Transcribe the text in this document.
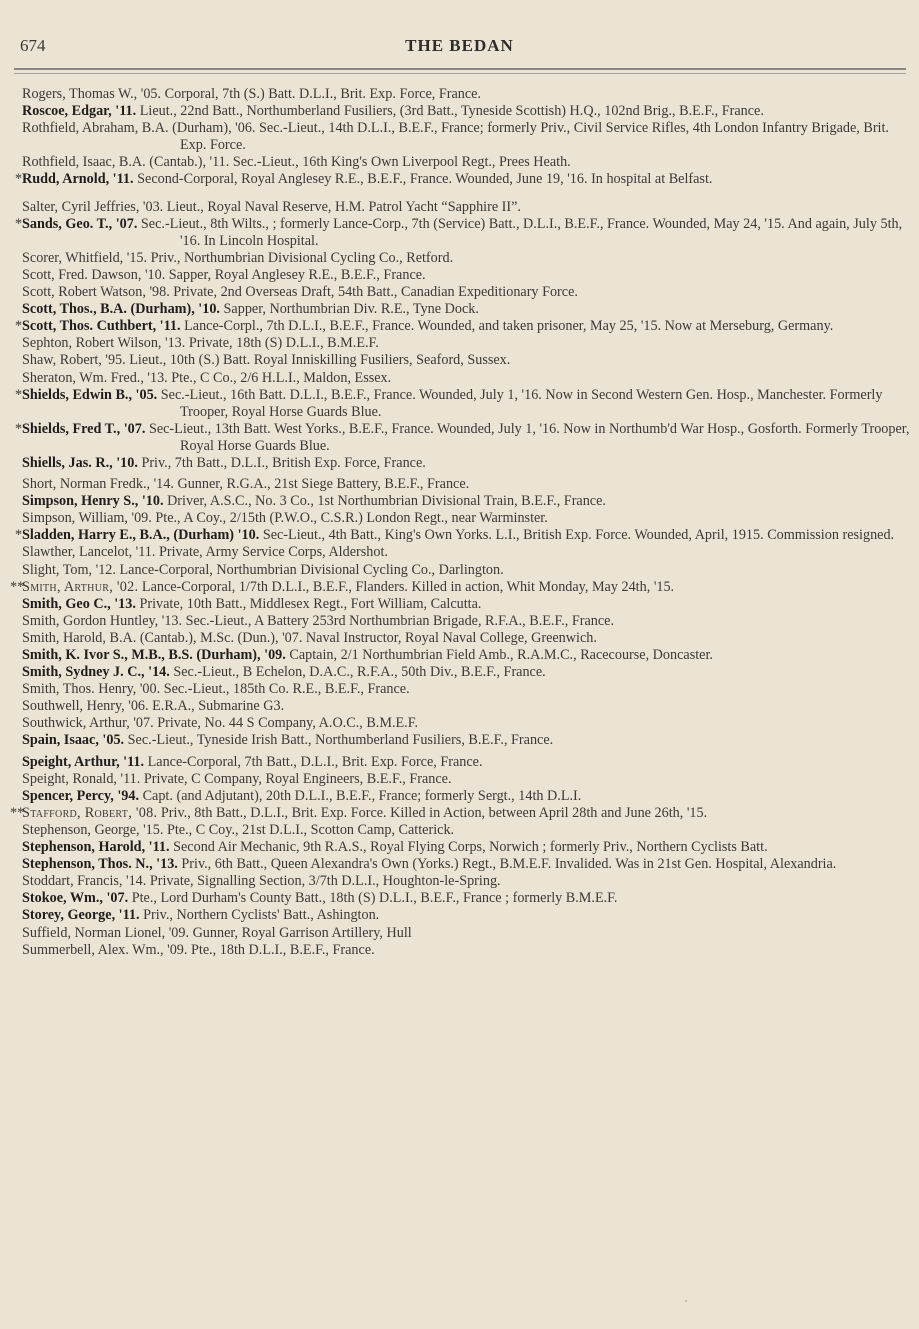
674	THE BEDAN

Rogers, Thomas W., '05. Corporal, 7th (S.) Batt. D.L.I., Brit. Exp. Force, France.

Roscoe, Edgar, '11. Lieut., 22nd Batt., Northumberland Fusiliers, (3rd Batt., Tyneside Scottish) H.Q., 102nd Brig., B.E.F., France.

Rothfield, Abraham, B.A. (Durham), '06. Sec.-Lieut., 14th D.L.I., B.E.F., France; formerly Priv., Civil Service Rifles, 4th London Infantry Brigade, Brit. Exp. Force.

Rothfield, Isaac, B.A. (Cantab.), '11. Sec.-Lieut., 16th King's Own Liverpool Regt., Prees Heath.

*Rudd, Arnold, '11. Second-Corporal, Royal Anglesey R.E., B.E.F., France. Wounded, June 19, '16. In hospital at Belfast.

Salter, Cyril Jeffries, '03. Lieut., Royal Naval Reserve, H.M. Patrol Yacht “Sapphire II”.

*Sands, Geo. T., '07. Sec.-Lieut., 8th Wilts., ; formerly Lance-Corp., 7th (Service) Batt., D.L.I., B.E.F., France. Wounded, May 24, '15. And again, July 5th, '16. In Lincoln Hospital.

Scorer, Whitfield, '15. Priv., Northumbrian Divisional Cycling Co., Retford.

Scott, Fred. Dawson, '10. Sapper, Royal Anglesey R.E., B.E.F., France.

Scott, Robert Watson, '98. Private, 2nd Overseas Draft, 54th Batt., Canadian Expeditionary Force.

Scott, Thos., B.A. (Durham), '10. Sapper, Northumbrian Div. R.E., Tyne Dock.

*Scott, Thos. Cuthbert, '11. Lance-Corpl., 7th D.L.I., B.E.F., France. Wounded, and taken prisoner, May 25, '15. Now at Merseburg, Germany.

Sephton, Robert Wilson, '13. Private, 18th (S) D.L.I., B.M.E.F.

Shaw, Robert, '95. Lieut., 10th (S.) Batt. Royal Inniskilling Fusiliers, Seaford, Sussex.

Sheraton, Wm. Fred., '13. Pte., C Co., 2/6 H.L.I., Maldon, Essex.

*Shields, Edwin B., '05. Sec.-Lieut., 16th Batt. D.L.I., B.E.F., France. Wounded, July 1, '16. Now in Second Western Gen. Hosp., Manchester. Formerly Trooper, Royal Horse Guards Blue.

*Shields, Fred T., '07. Sec-Lieut., 13th Batt. West Yorks., B.E.F., France. Wounded, July 1, '16. Now in Northumb'd War Hosp., Gosforth. Formerly Trooper, Royal Horse Guards Blue.

Shiells, Jas. R., '10. Priv., 7th Batt., D.L.I., British Exp. Force, France.

Short, Norman Fredk., '14. Gunner, R.G.A., 21st Siege Battery, B.E.F., France.

Simpson, Henry S., '10. Driver, A.S.C., No. 3 Co., 1st Northumbrian Divisional Train, B.E.F., France.

Simpson, William, '09. Pte., A Coy., 2/15th (P.W.O., C.S.R.) London Regt., near Warminster.

*Sladden, Harry E., B.A., (Durham) '10. Sec-Lieut., 4th Batt., King's Own Yorks. L.I., British Exp. Force. Wounded, April, 1915. Commission resigned.

Slawther, Lancelot, '11. Private, Army Service Corps, Aldershot.

Slight, Tom, '12. Lance-Corporal, Northumbrian Divisional Cycling Co., Darlington.

**Smith, Arthur, '02. Lance-Corporal, 1/7th D.L.I., B.E.F., Flanders. Killed in action, Whit Monday, May 24th, '15.

Smith, Geo C., '13. Private, 10th Batt., Middlesex Regt., Fort William, Calcutta.

Smith, Gordon Huntley, '13. Sec.-Lieut., A Battery 253rd Northumbrian Brigade, R.F.A., B.E.F., France.

Smith, Harold, B.A. (Cantab.), M.Sc. (Dun.), '07. Naval Instructor, Royal Naval College, Greenwich.

Smith, K. Ivor S., M.B., B.S. (Durham), '09. Captain, 2/1 Northumbrian Field Amb., R.A.M.C., Racecourse, Doncaster.

Smith, Sydney J. C., '14. Sec.-Lieut., B Echelon, D.A.C., R.F.A., 50th Div., B.E.F., France.

Smith, Thos. Henry, '00. Sec.-Lieut., 185th Co. R.E., B.E.F., France.

Southwell, Henry, '06. E.R.A., Submarine G3.

Southwick, Arthur, '07. Private, No. 44 S Company, A.O.C., B.M.E.F.

Spain, Isaac, '05. Sec.-Lieut., Tyneside Irish Batt., Northumberland Fusiliers, B.E.F., France.

Speight, Arthur, '11. Lance-Corporal, 7th Batt., D.L.I., Brit. Exp. Force, France.

Speight, Ronald, '11. Private, C Company, Royal Engineers, B.E.F., France.

Spencer, Percy, '94. Capt. (and Adjutant), 20th D.L.I., B.E.F., France; formerly Sergt., 14th D.L.I.

**Stafford, Robert, '08. Priv., 8th Batt., D.L.I., Brit. Exp. Force. Killed in Action, between April 28th and June 26th, '15.

Stephenson, George, '15. Pte., C Coy., 21st D.L.I., Scotton Camp, Catterick.

Stephenson, Harold, '11. Second Air Mechanic, 9th R.A.S., Royal Flying Corps, Norwich ; formerly Priv., Northern Cyclists Batt.

Stephenson, Thos. N., '13. Priv., 6th Batt., Queen Alexandra's Own (Yorks.) Regt., B.M.E.F. Invalided. Was in 21st Gen. Hospital, Alexandria.

Stoddart, Francis, '14. Private, Signalling Section, 3/7th D.L.I., Houghton-le-Spring.

Stokoe, Wm., '07. Pte., Lord Durham's County Batt., 18th (S) D.L.I., B.E.F., France ; formerly B.M.E.F.

Storey, George, '11. Priv., Northern Cyclists' Batt., Ashington.

Suffield, Norman Lionel, '09. Gunner, Royal Garrison Artillery, Hull

Summerbell, Alex. Wm., '09. Pte., 18th D.L.I., B.E.F., France.
